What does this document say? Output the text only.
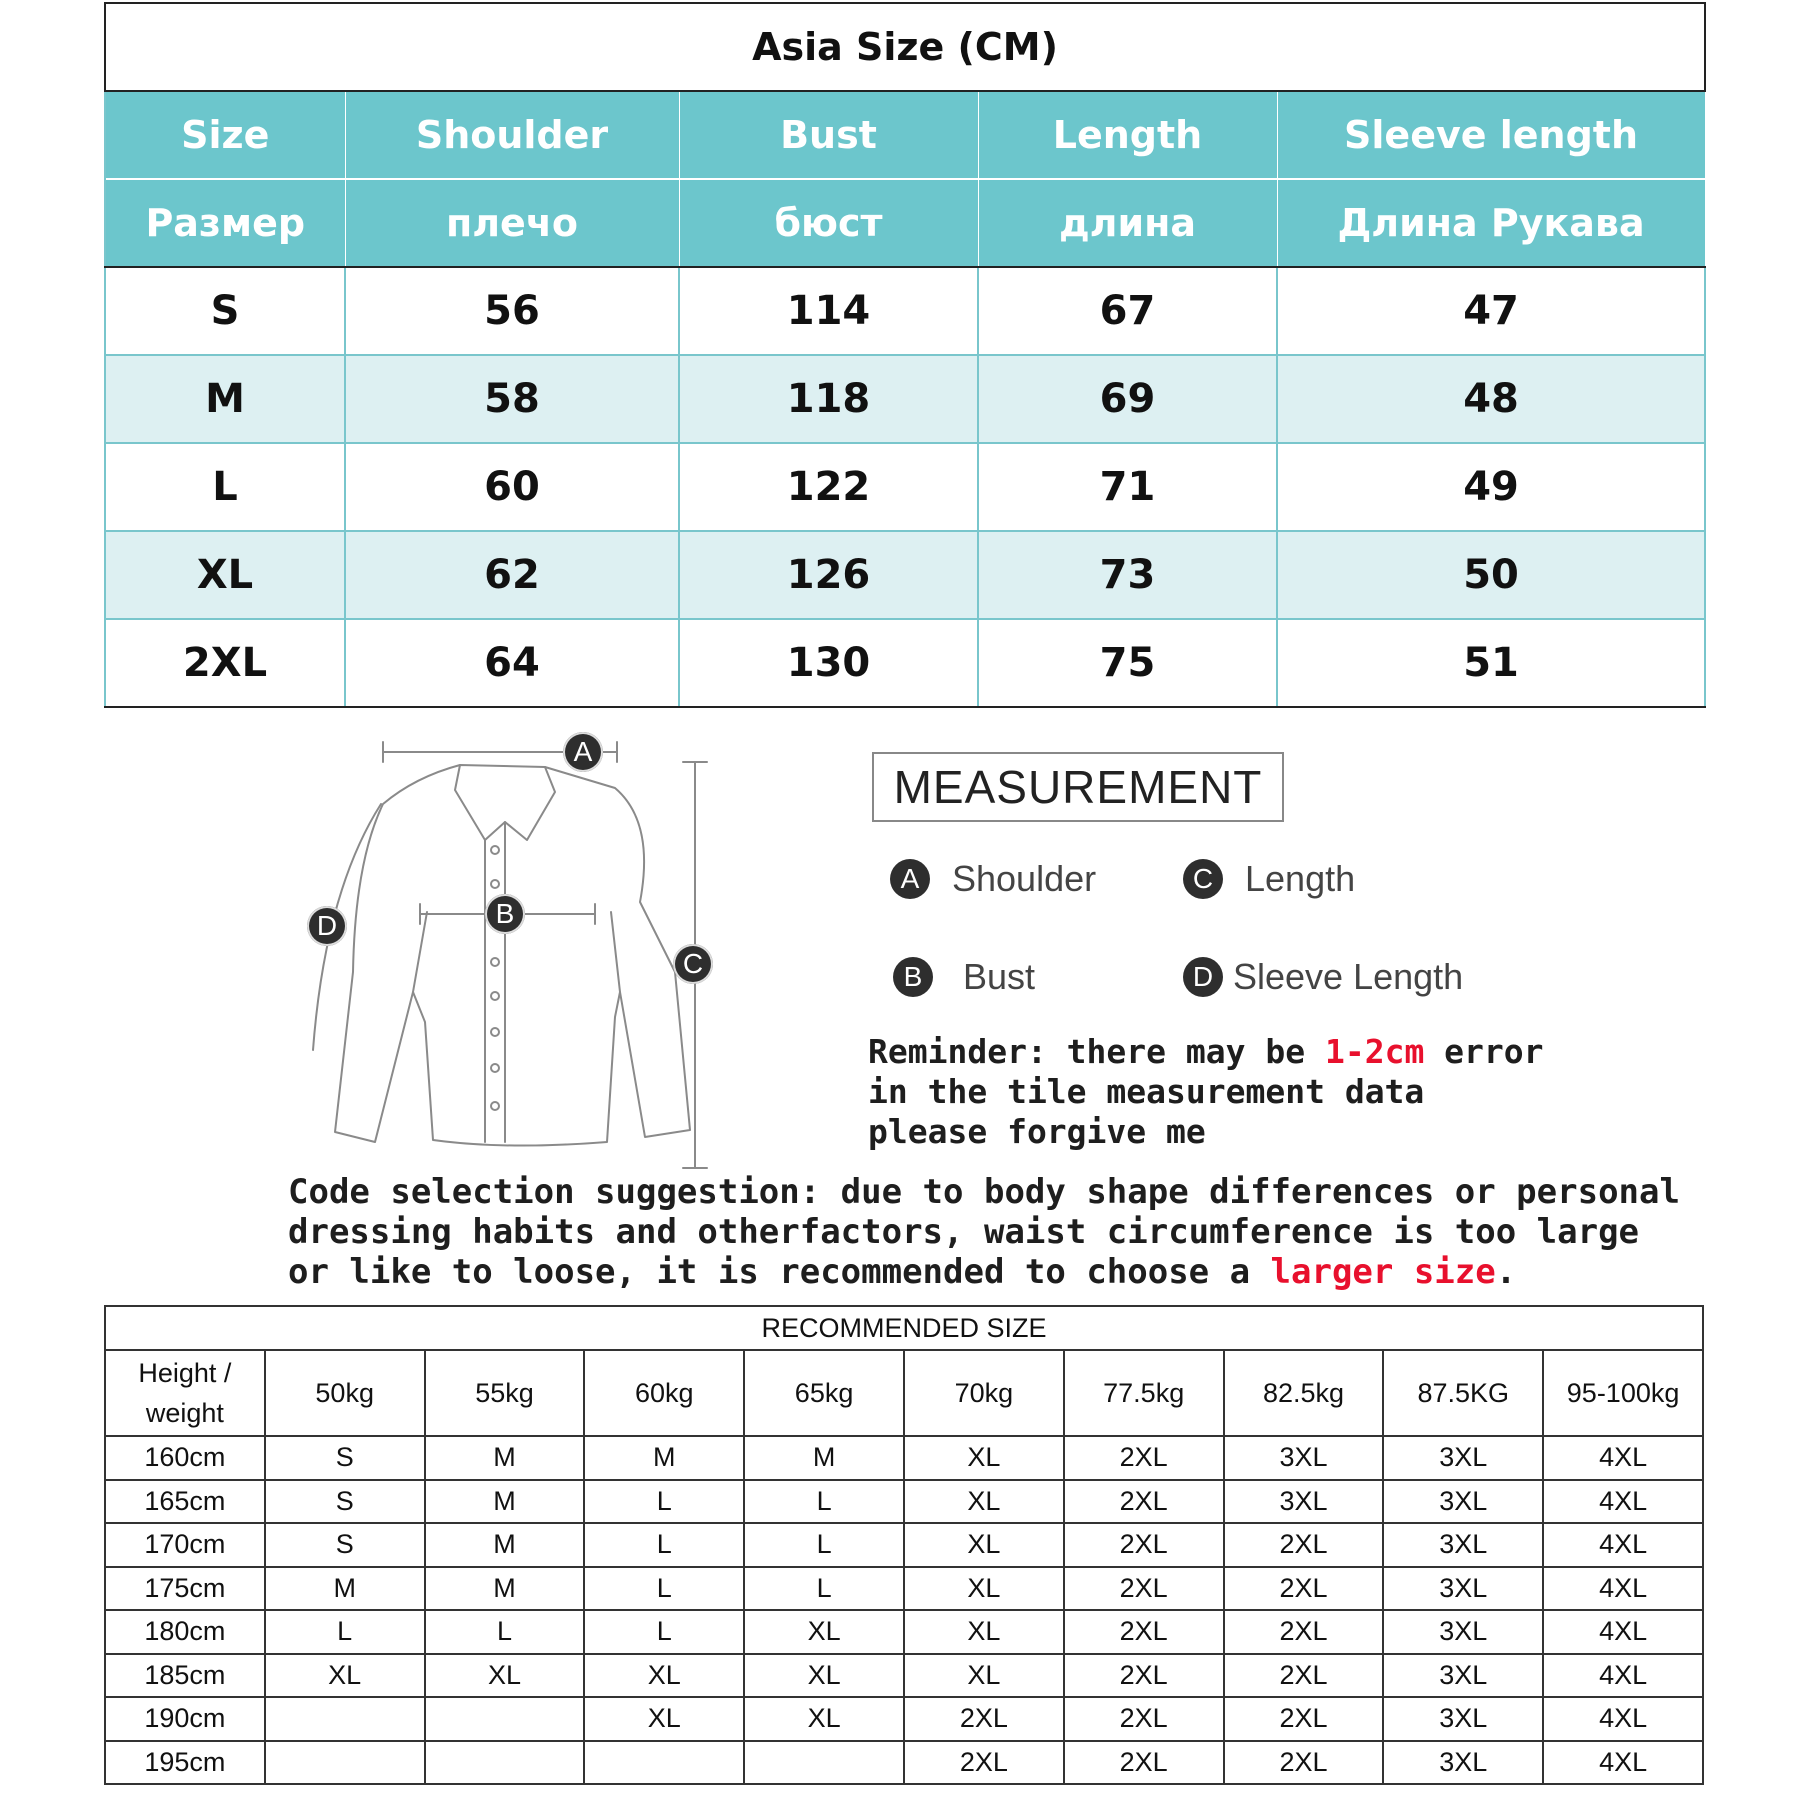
Asia Size (CM)				
Size	Shoulder	Bust	Length	Sleeve length
Размер	плечо	бюст	длина	Длина Рукава
S	56	114	67	47
M	58	118	69	48
L	60	122	71	49
XL	62	126	73	50
2XL	64	130	75	51
A
B
C
D
MEASUREMENT
A Shoulder	C Length
B Bust	D Sleeve Length
Reminder: there may be 1-2cm error
in the tile measurement data
please forgive me
Code selection suggestion: due to body shape differences or personal
dressing habits and otherfactors, waist circumference is too large
or like to loose, it is recommended to choose a larger size.
RECOMMENDED SIZE									

Height /
weight	50kg	55kg	60kg	65kg	70kg	77.5kg	82.5kg	87.5KG	95-100kg
160cm	S	M	M	M	XL	2XL	3XL	3XL	4XL
165cm	S	M	L	L	XL	2XL	3XL	3XL	4XL
170cm	S	M	L	L	XL	2XL	2XL	3XL	4XL
175cm	M	M	L	L	XL	2XL	2XL	3XL	4XL
180cm	L	L	L	XL	XL	2XL	2XL	3XL	4XL
185cm	XL	XL	XL	XL	XL	2XL	2XL	3XL	4XL
190cm			XL	XL	2XL	2XL	2XL	3XL	4XL
195cm					2XL	2XL	2XL	3XL	4XL
